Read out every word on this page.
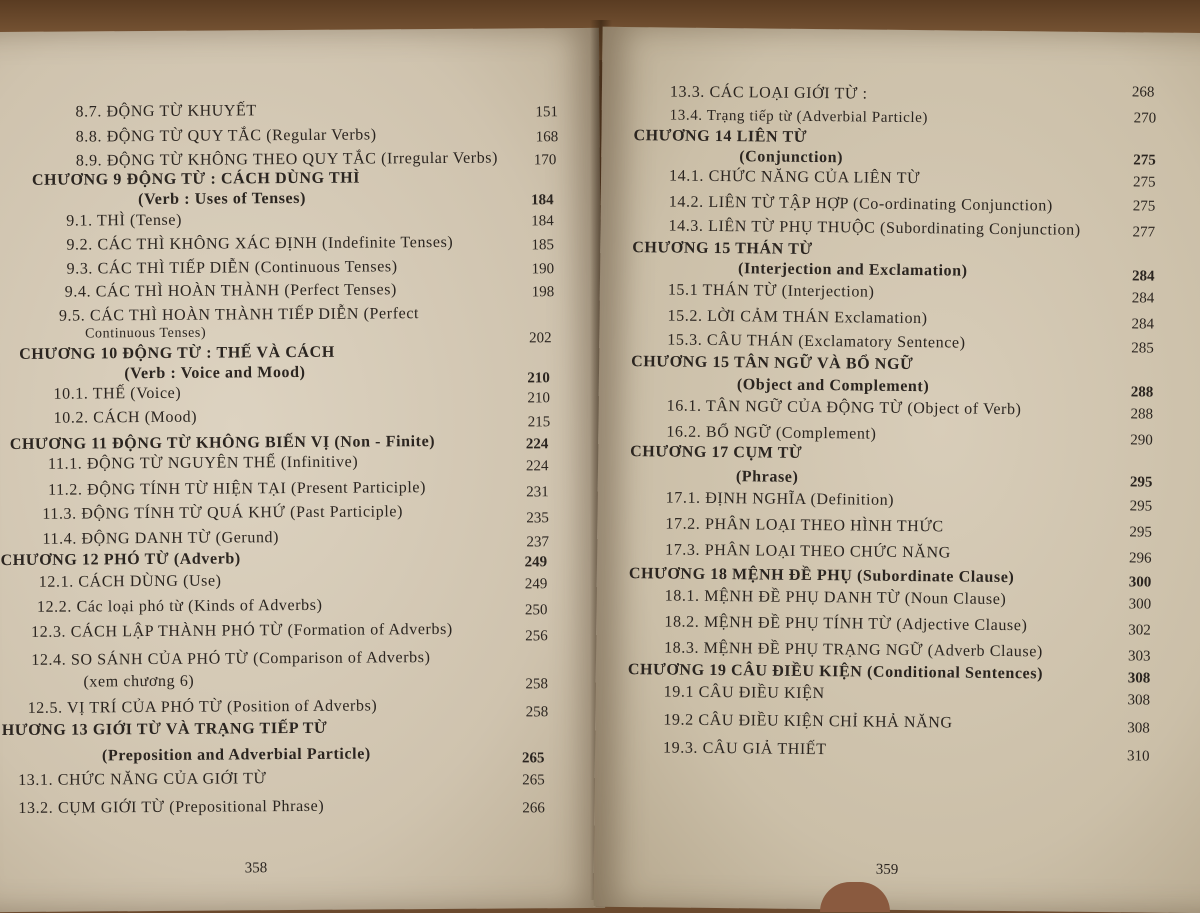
8.7. ĐỘNG TỪ KHUYẾT	151
8.8. ĐỘNG TỪ QUY TẮC (Regular Verbs)	168
8.9. ĐỘNG TỪ KHÔNG THEO QUY TẮC (Irregular Verbs) 170
CHƯƠNG 9 ĐỘNG TỪ : CÁCH DÙNG THÌ
(Verb : Uses of Tenses)	184
9.1. THÌ (Tense)	184
9.2. CÁC THÌ KHÔNG XÁC ĐỊNH (Indefinite Tenses)	185
9.3. CÁC THÌ TIẾP DIỄN (Continuous Tenses)	190
9.4. CÁC THÌ HOÀN THÀNH (Perfect Tenses)	198
9.5. CÁC THÌ HOÀN THÀNH TIẾP DIỄN (Perfect
Continuous Tenses)	202
CHƯƠNG 10 ĐỘNG TỪ : THẾ VÀ CÁCH
(Verb : Voice and Mood)	210
10.1. THẾ (Voice)	210
10.2. CÁCH (Mood)	215
CHƯƠNG 11 ĐỘNG TỪ KHÔNG BIẾN VỊ (Non - Finite)	224
11.1. ĐỘNG TỪ NGUYÊN THỂ (Infinitive)	224
11.2. ĐỘNG TÍNH TỪ HIỆN TẠI (Present Participle)	231
11.3. ĐỘNG TÍNH TỪ QUÁ KHỨ (Past Participle)	235
11.4. ĐỘNG DANH TỪ (Gerund)	237
CHƯƠNG 12 PHÓ TỪ (Adverb)	249
12.1. CÁCH DÙNG (Use)	249
12.2. Các loại phó từ (Kinds of Adverbs)	250
12.3. CÁCH LẬP THÀNH PHÓ TỪ (Formation of Adverbs)	256
12.4. SO SÁNH CỦA PHÓ TỪ (Comparison of Adverbs)
(xem chương 6)	258
12.5. VỊ TRÍ CỦA PHÓ TỪ (Position of Adverbs)	258
HƯƠNG 13 GIỚI TỪ VÀ TRẠNG TIẾP TỪ
(Preposition and Adverbial Particle)	265
13.1. CHỨC NĂNG CỦA GIỚI TỪ	265
13.2. CỤM GIỚI TỪ (Prepositional Phrase)	266
358
13.3. CÁC LOẠI GIỚI TỪ :	268
13.4. Trạng tiếp từ (Adverbial Particle)	270
CHƯƠNG 14 LIÊN TỪ
(Conjunction)	275
14.1. CHỨC NĂNG CỦA LIÊN TỪ	275
14.2. LIÊN TỪ TẬP HỢP (Co-ordinating Conjunction)	275
14.3. LIÊN TỪ PHỤ THUỘC (Subordinating Conjunction)	277
CHƯƠNG 15 THÁN TỪ
(Interjection and Exclamation)	284
15.1 THÁN TỪ (Interjection)	284
15.2. LỜI CẢM THÁN Exclamation)	284
15.3. CÂU THÁN (Exclamatory Sentence)	285
CHƯƠNG 15 TÂN NGỮ VÀ BỔ NGỮ
(Object and Complement)	288
16.1. TÂN NGỮ CỦA ĐỘNG TỪ (Object of Verb)	288
16.2. BỔ NGỮ (Complement)	290
CHƯƠNG 17 CỤM TỪ
(Phrase)	295
17.1. ĐỊNH NGHĨA (Definition)	295
17.2. PHÂN LOẠI THEO HÌNH THỨC	295
17.3. PHÂN LOẠI THEO CHỨC NĂNG	296
CHƯƠNG 18 MỆNH ĐỀ PHỤ (Subordinate Clause)	300
18.1. MỆNH ĐỀ PHỤ DANH TỪ (Noun Clause)	300
18.2. MỆNH ĐỀ PHỤ TÍNH TỪ (Adjective Clause)	302
18.3. MỆNH ĐỀ PHỤ TRẠNG NGỮ (Adverb Clause)	303
CHƯƠNG 19 CÂU ĐIỀU KIỆN (Conditional Sentences)	308
19.1 CÂU ĐIỀU KIỆN	308
19.2 CÂU ĐIỀU KIỆN CHỈ KHẢ NĂNG	308
19.3. CÂU GIẢ THIẾT	310
359
